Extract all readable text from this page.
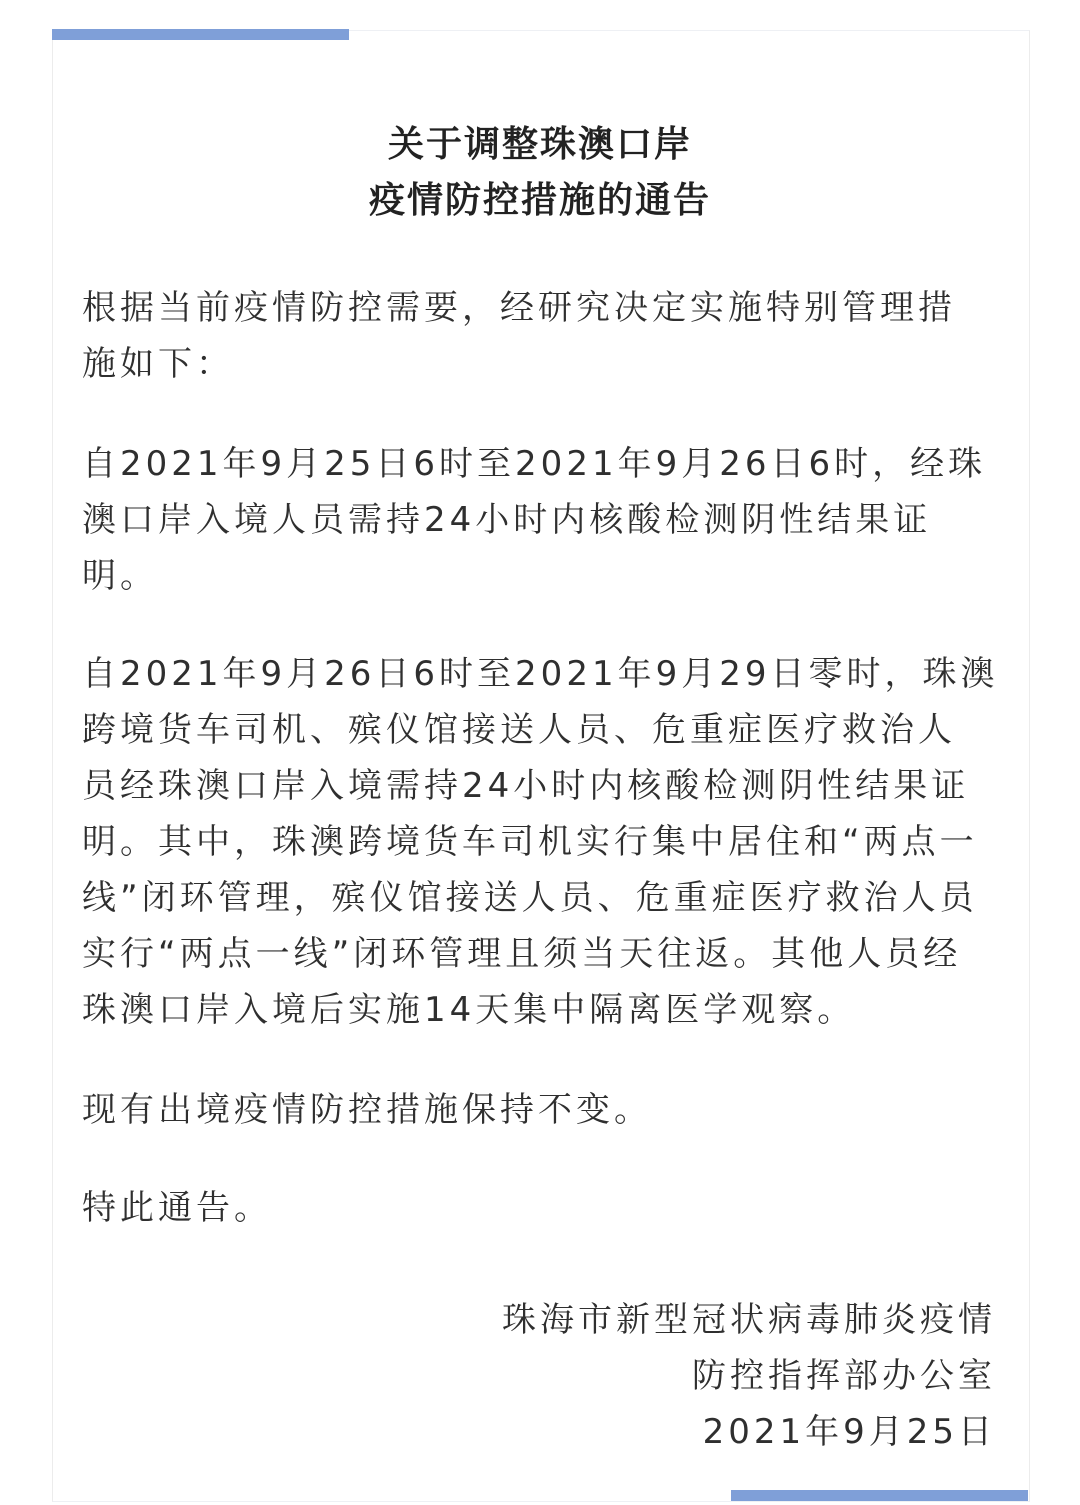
关于调整珠澳口岸
疫情防控措施的通告
根据当前疫情防控需要，经研究决定实施特别管理措
施如下：
自2021年9月25日6时至2021年9月26日6时，经珠
澳口岸入境人员需持24小时内核酸检测阴性结果证
明。
自2021年9月26日6时至2021年9月29日零时，珠澳
跨境货车司机、殡仪馆接送人员、危重症医疗救治人
员经珠澳口岸入境需持24小时内核酸检测阴性结果证
明。其中，珠澳跨境货车司机实行集中居住和“两点一
线”闭环管理，殡仪馆接送人员、危重症医疗救治人员
实行“两点一线”闭环管理且须当天往返。其他人员经
珠澳口岸入境后实施14天集中隔离医学观察。
现有出境疫情防控措施保持不变。
特此通告。
珠海市新型冠状病毒肺炎疫情
防控指挥部办公室
2021年9月25日
